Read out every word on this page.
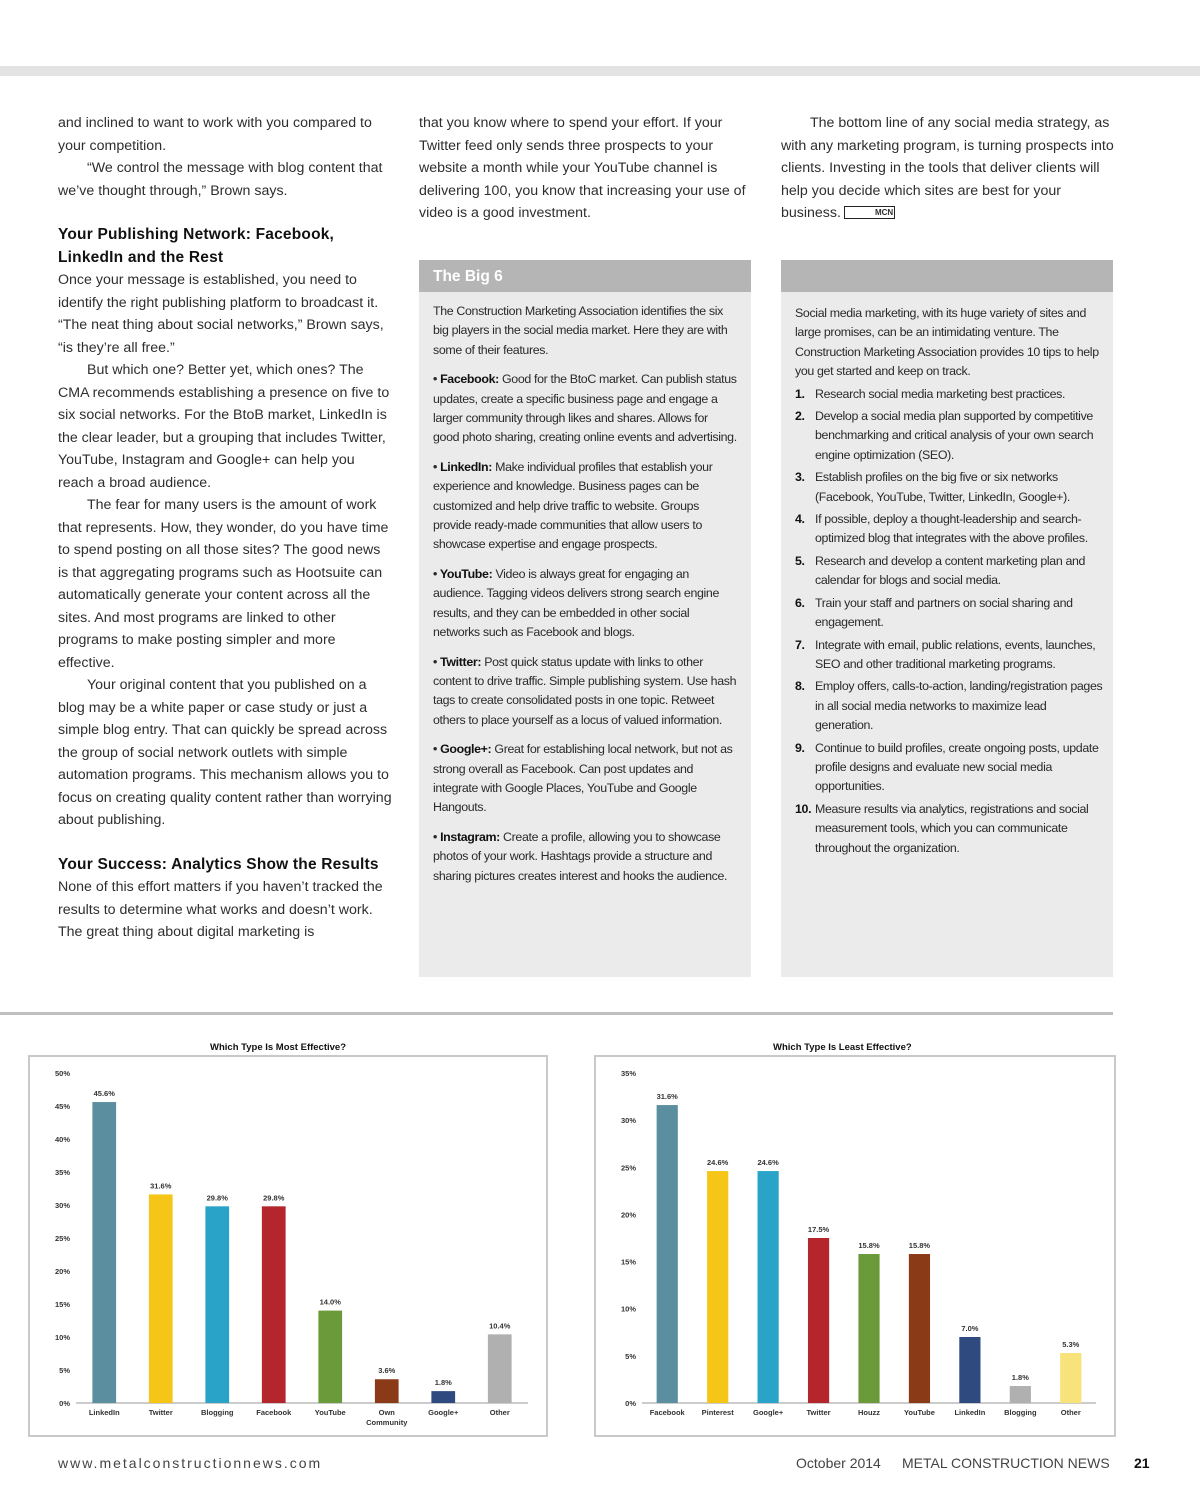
and inclined to want to work with you compared to your competition.

“We control the message with blog content that we’ve thought through,” Brown says.

Your Publishing Network: Facebook, LinkedIn and the Rest

Once your message is established, you need to identify the right publishing platform to broadcast it. “The neat thing about social networks,” Brown says, “is they’re all free.”

But which one? Better yet, which ones? The CMA recommends establishing a presence on five to six social networks. For the BtoB market, LinkedIn is the clear leader, but a grouping that includes Twitter, YouTube, Instagram and Google+ can help you reach a broad audience.

The fear for many users is the amount of work that represents. How, they wonder, do you have time to spend posting on all those sites? The good news is that aggregating programs such as Hootsuite can automatically generate your content across all the sites. And most programs are linked to other programs to make posting simpler and more effective.

Your original content that you published on a blog may be a white paper or case study or just a simple blog entry. That can quickly be spread across the group of social network outlets with simple automation programs. This mechanism allows you to focus on creating quality content rather than worrying about publishing.

Your Success: Analytics Show the Results

None of this effort matters if you haven’t tracked the results to determine what works and doesn’t work. The great thing about digital marketing is

that you know where to spend your effort. If your Twitter feed only sends three prospects to your website a month while your YouTube channel is delivering 100, you know that increasing your use of video is a good investment.

The bottom line of any social media strategy, as with any marketing program, is turning prospects into clients. Investing in the tools that deliver clients will help you decide which sites are best for your business.	MCN

The Big 6

The Construction Marketing Association identifies the six big players in the social media market. Here they are with some of their features.

• Facebook: Good for the BtoC market. Can publish status updates, create a specific business page and engage a larger community through likes and shares. Allows for good photo sharing, creating online events and advertising.

• LinkedIn: Make individual profiles that establish your experience and knowledge. Business pages can be customized and help drive traffic to website. Groups provide ready-made communities that allow users to showcase expertise and engage prospects.

• YouTube: Video is always great for engaging an audience. Tagging videos delivers strong search engine results, and they can be embedded in other social networks such as Facebook and blogs.

• Twitter: Post quick status update with links to other content to drive traffic. Simple publishing system. Use hash tags to create consolidated posts in one topic. Retweet others to place yourself as a locus of valued information.

• Google+: Great for establishing local network, but not as strong overall as Facebook. Can post updates and integrate with Google Places, YouTube and Google Hangouts.

• Instagram: Create a profile, allowing you to showcase photos of your work. Hashtags provide a structure and sharing pictures creates interest and hooks the audience.

Social media marketing, with its huge variety of sites and large promises, can be an intimidating venture. The Construction Marketing Association provides 10 tips to help you get started and keep on track.

1. Research social media marketing best practices.
2. Develop a social media plan supported by competitive benchmarking and critical analysis of your own search engine optimization (SEO).
3. Establish profiles on the big five or six networks (Facebook, YouTube, Twitter, LinkedIn, Google+).
4. If possible, deploy a thought-leadership and search-optimized blog that integrates with the above profiles.
5. Research and develop a content marketing plan and calendar for blogs and social media.
6. Train your staff and partners on social sharing and engagement.
7. Integrate with email, public relations, events, launches, SEO and other traditional marketing programs.
8. Employ offers, calls-to-action, landing/registration pages in all social media networks to maximize lead generation.
9. Continue to build profiles, create ongoing posts, update profile designs and evaluate new social media opportunities.
10. Measure results via analytics, registrations and social measurement tools, which you can communicate throughout the organization.
Which Type Is Most Effective?
0%
5%
10%
15%
20%
25%
30%
35%
40%
45%
50%
45.6%
LinkedIn
31.6%
Twitter
29.8%
Blogging
29.8%
Facebook
14.0%
YouTube
3.6%
Own
Community
1.8%
Google+
10.4%
Other
Which Type Is Least Effective?
0%
5%
10%
15%
20%
25%
30%
35%
31.6%
Facebook
24.6%
Pinterest
24.6%
Google+
17.5%
Twitter
15.8%
Houzz
15.8%
YouTube
7.0%
LinkedIn
1.8%
Blogging
5.3%
Other
www.metalconstructionnews.com	October 2014 METAL CONSTRUCTION NEWS 21
